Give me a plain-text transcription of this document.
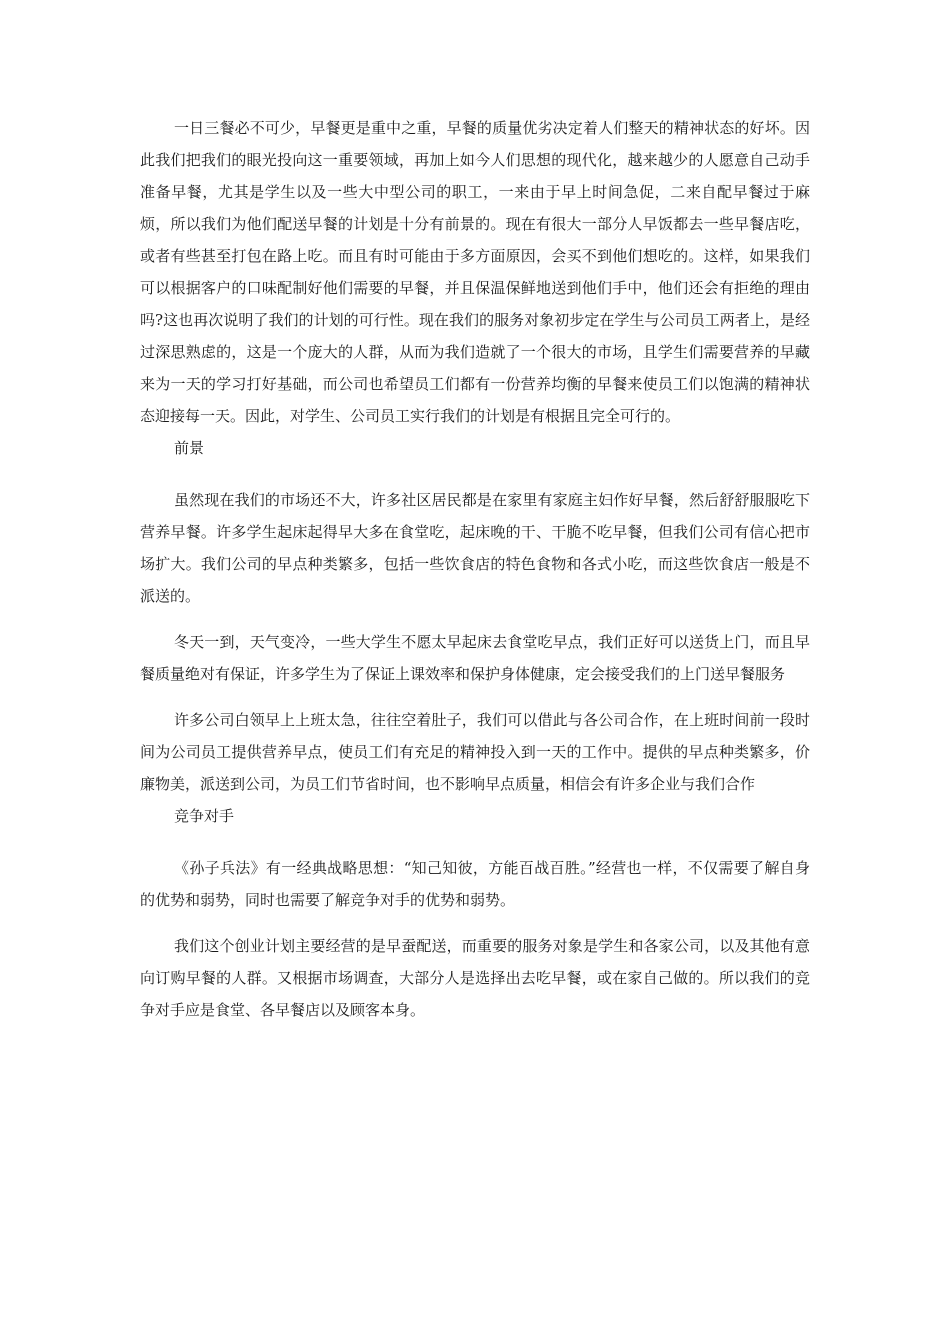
一日三餐必不可少，早餐更是重中之重，早餐的质量优劣决定着人们整天的精神状态的好坏。因此我们把我们的眼光投向这一重要领域，再加上如今人们思想的现代化，越来越少的人愿意自己动手准备早餐，尤其是学生以及一些大中型公司的职工，一来由于早上时间急促，二来自配早餐过于麻烦，所以我们为他们配送早餐的计划是十分有前景的。现在有很大一部分人早饭都去一些早餐店吃，或者有些甚至打包在路上吃。而且有时可能由于多方面原因，会买不到他们想吃的。这样，如果我们可以根据客户的口味配制好他们需要的早餐，并且保温保鲜地送到他们手中，他们还会有拒绝的理由吗?这也再次说明了我们的计划的可行性。现在我们的服务对象初步定在学生与公司员工两者上，是经过深思熟虑的，这是一个庞大的人群，从而为我们造就了一个很大的市场，且学生们需要营养的早藏来为一天的学习打好基础，而公司也希望员工们都有一份营养均衡的早餐来使员工们以饱满的精神状态迎接每一天。因此，对学生、公司员工实行我们的计划是有根据且完全可行的。

前景

虽然现在我们的市场还不大，许多社区居民都是在家里有家庭主妇作好早餐，然后舒舒服服吃下营养早餐。许多学生起床起得早大多在食堂吃，起床晚的干、干脆不吃早餐，但我们公司有信心把市场扩大。我们公司的早点种类繁多，包括一些饮食店的特色食物和各式小吃，而这些饮食店一般是不派送的。

冬天一到，天气变冷，一些大学生不愿太早起床去食堂吃早点，我们正好可以送货上门，而且早餐质量绝对有保证，许多学生为了保证上课效率和保护身体健康，定会接受我们的上门送早餐服务

许多公司白领早上上班太急，往往空着肚子，我们可以借此与各公司合作，在上班时间前一段时间为公司员工提供营养早点，使员工们有充足的精神投入到一天的工作中。提供的早点种类繁多，价廉物美，派送到公司，为员工们节省时间，也不影响早点质量，相信会有许多企业与我们合作

竞争对手

《孙子兵法》有一经典战略思想：“知己知彼，方能百战百胜。”经营也一样，不仅需要了解自身的优势和弱势，同时也需要了解竞争对手的优势和弱势。

我们这个创业计划主要经营的是早蚕配送，而重要的服务对象是学生和各家公司，以及其他有意向订购早餐的人群。又根据市场调查，大部分人是选择出去吃早餐，或在家自己做的。所以我们的竞争对手应是食堂、各早餐店以及顾客本身。
